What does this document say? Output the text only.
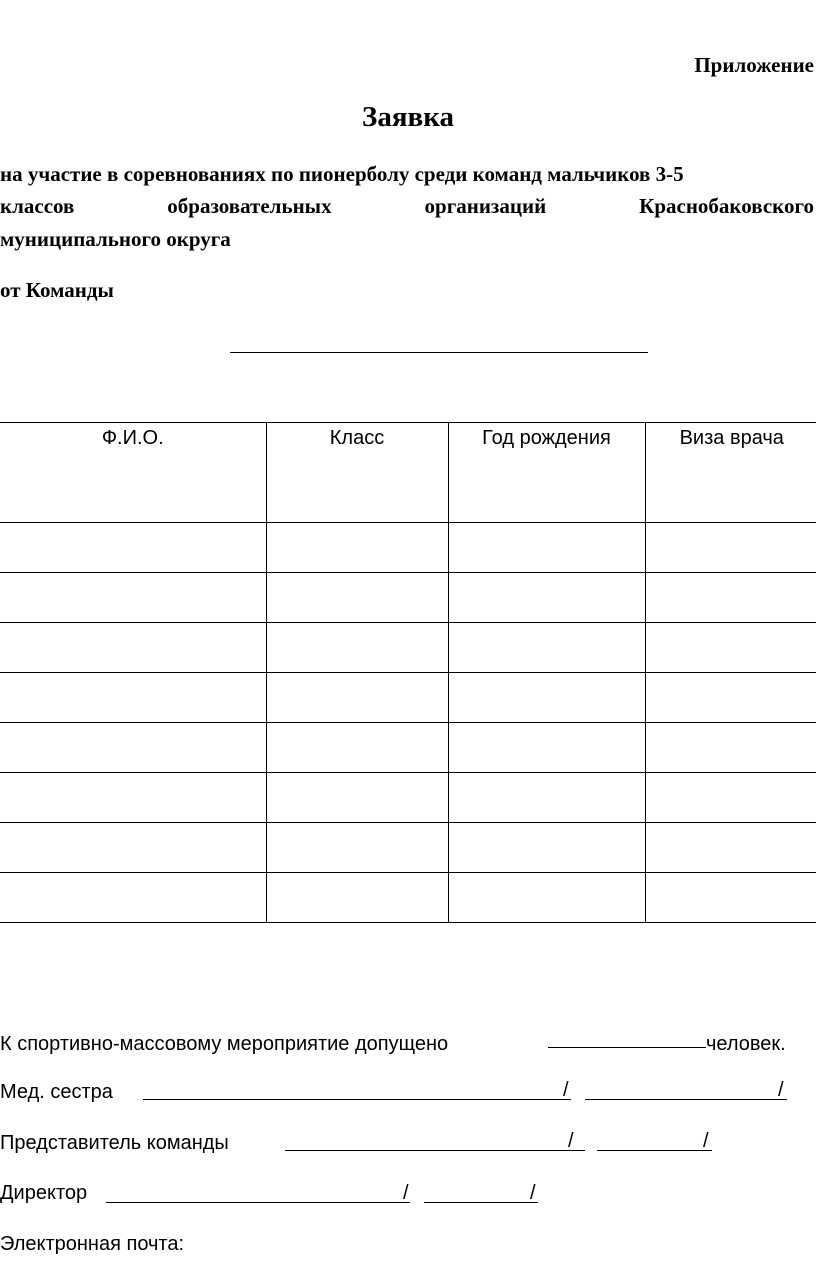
Приложение
Заявка
на участие в соревнованиях по пионерболу среди команд мальчиков 3-5
классов	образовательных	организаций	Краснобаковского
муниципального округа
от Команды
Ф.И.О.	Класс	Год рождения	Виза врача

К спортивно-массовому мероприятие допущено	человек.
Мед. сестра	/	/
Представитель команды	/	/
Директор	/	/
Электронная почта:
